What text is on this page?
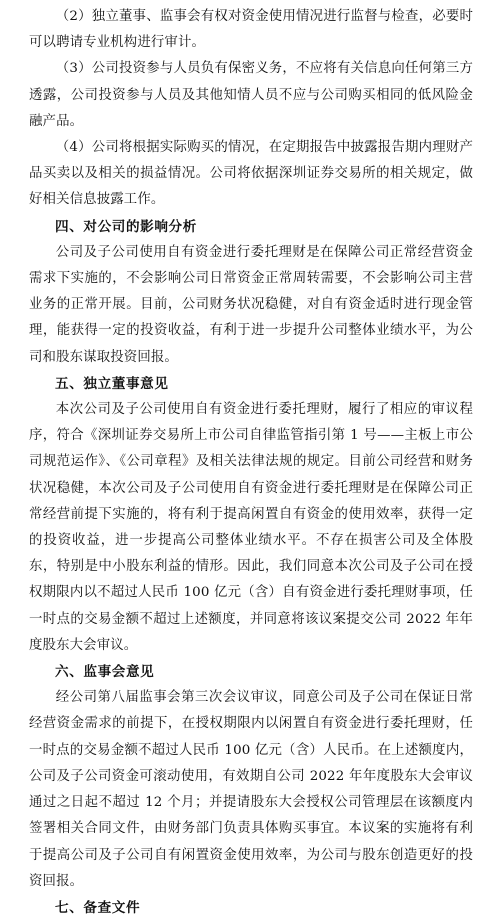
（2）独立董事、监事会有权对资金使用情况进行监督与检查，必要时可以聘请专业机构进行审计。

（3）公司投资参与人员负有保密义务，不应将有关信息向任何第三方透露，公司投资参与人员及其他知情人员不应与公司购买相同的低风险金融产品。

（4）公司将根据实际购买的情况，在定期报告中披露报告期内理财产品买卖以及相关的损益情况。公司将依据深圳证券交易所的相关规定，做好相关信息披露工作。

四、对公司的影响分析

公司及子公司使用自有资金进行委托理财是在保障公司正常经营资金需求下实施的，不会影响公司日常资金正常周转需要，不会影响公司主营业务的正常开展。目前，公司财务状况稳健，对自有资金适时进行现金管理，能获得一定的投资收益，有利于进一步提升公司整体业绩水平，为公司和股东谋取投资回报。

五、独立董事意见

本次公司及子公司使用自有资金进行委托理财，履行了相应的审议程序，符合《深圳证券交易所上市公司自律监管指引第 1 号——主板上市公司规范运作》、《公司章程》及相关法律法规的规定。目前公司经营和财务状况稳健，本次公司及子公司使用自有资金进行委托理财是在保障公司正常经营前提下实施的，将有利于提高闲置自有资金的使用效率，获得一定的投资收益，进一步提高公司整体业绩水平。不存在损害公司及全体股东，特别是中小股东利益的情形。因此，我们同意本次公司及子公司在授权期限内以不超过人民币 100 亿元（含）自有资金进行委托理财事项，任一时点的交易金额不超过上述额度，并同意将该议案提交公司 2022 年年度股东大会审议。

六、监事会意见

经公司第八届监事会第三次会议审议，同意公司及子公司在保证日常经营资金需求的前提下，在授权期限内以闲置自有资金进行委托理财，任一时点的交易金额不超过人民币 100 亿元（含）人民币。在上述额度内，公司及子公司资金可滚动使用，有效期自公司 2022 年年度股东大会审议通过之日起不超过 12 个月；并提请股东大会授权公司管理层在该额度内签署相关合同文件，由财务部门负责具体购买事宜。本议案的实施将有利于提高公司及子公司自有闲置资金使用效率，为公司与股东创造更好的投资回报。

七、备查文件
